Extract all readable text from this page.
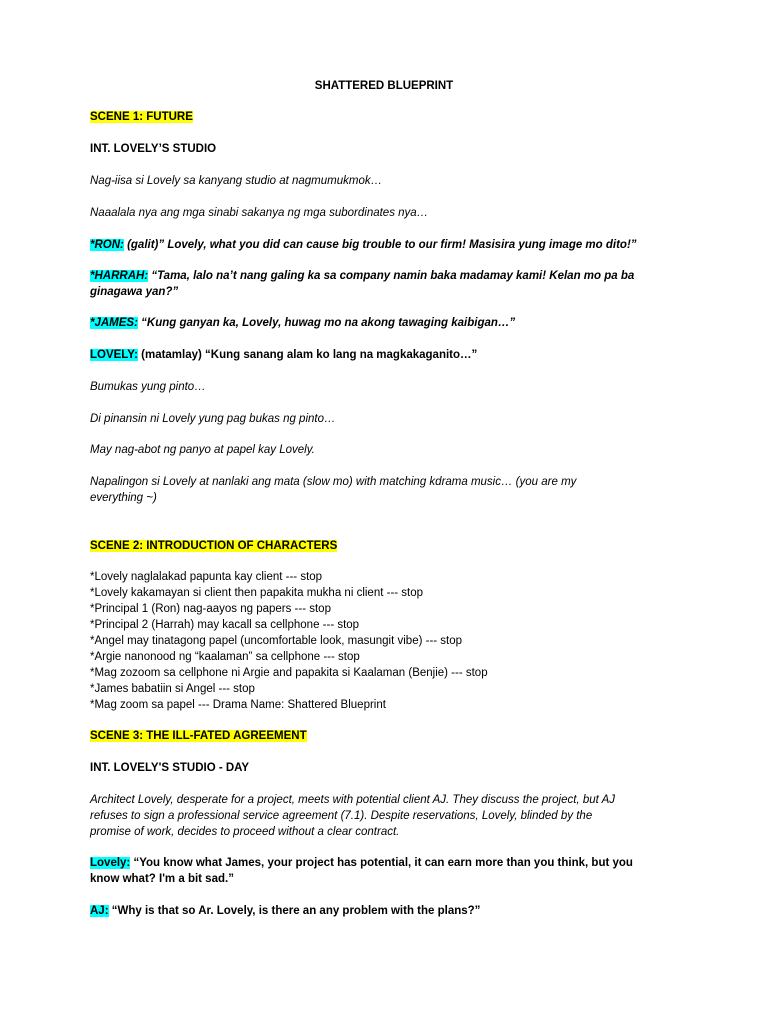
SHATTERED BLUEPRINT
SCENE 1: FUTURE
INT. LOVELY’S STUDIO
Nag-iisa si Lovely sa kanyang studio at nagmumukmok…
Naaalala nya ang mga sinabi sakanya ng mga subordinates nya…
*RON: (galit)” Lovely, what you did can cause big trouble to our firm! Masisira yung image mo dito!”
*HARRAH: “Tama, lalo na’t nang galing ka sa company namin baka madamay kami! Kelan mo pa ba
ginagawa yan?”
*JAMES: “Kung ganyan ka, Lovely, huwag mo na akong tawaging kaibigan…”
LOVELY: (matamlay) “Kung sanang alam ko lang na magkakaganito…”
Bumukas yung pinto…
Di pinansin ni Lovely yung pag bukas ng pinto…
May nag-abot ng panyo at papel kay Lovely.
Napalingon si Lovely at nanlaki ang mata (slow mo) with matching kdrama music… (you are my
everything ~)
SCENE 2: INTRODUCTION OF CHARACTERS
*Lovely naglalakad papunta kay client --- stop
*Lovely kakamayan si client then papakita mukha ni client --- stop
*Principal 1 (Ron) nag-aayos ng papers --- stop
*Principal 2 (Harrah) may kacall sa cellphone --- stop
*Angel may tinatagong papel (uncomfortable look, masungit vibe) --- stop
*Argie nanonood ng “kaalaman” sa cellphone --- stop
*Mag zozoom sa cellphone ni Argie and papakita si Kaalaman (Benjie) --- stop
*James babatiin si Angel --- stop
*Mag zoom sa papel --- Drama Name: Shattered Blueprint
SCENE 3: THE ILL-FATED AGREEMENT
INT. LOVELY'S STUDIO - DAY
Architect Lovely, desperate for a project, meets with potential client AJ. They discuss the project, but AJ
refuses to sign a professional service agreement (7.1). Despite reservations, Lovely, blinded by the
promise of work, decides to proceed without a clear contract.
Lovely: “You know what James, your project has potential, it can earn more than you think, but you
know what? I'm a bit sad.”
AJ: “Why is that so Ar. Lovely, is there an any problem with the plans?”
